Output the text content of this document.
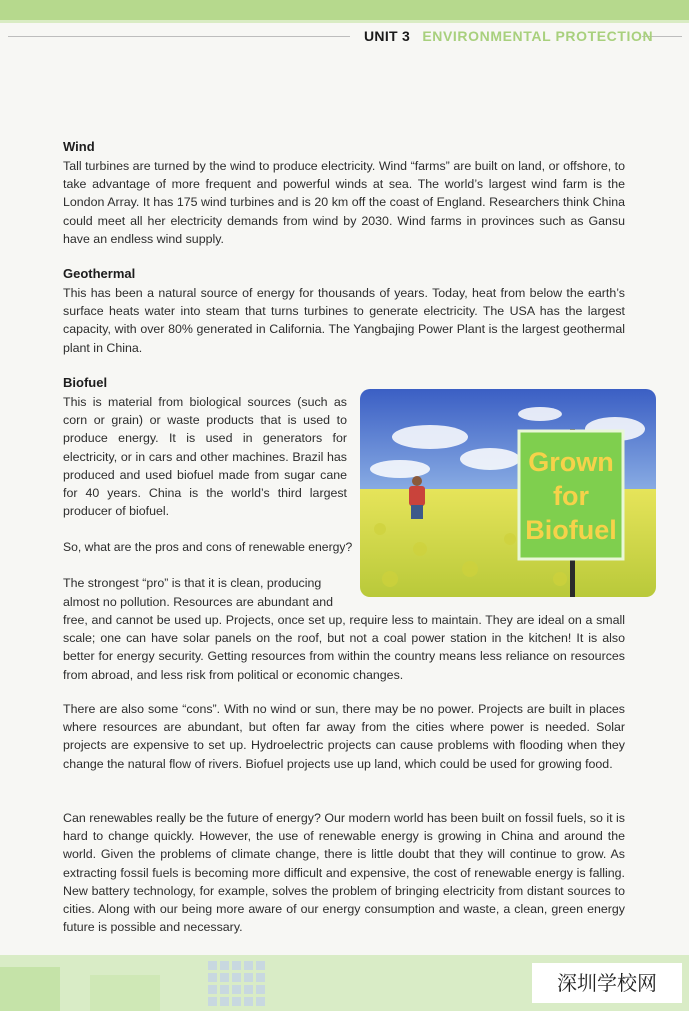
UNIT 3 ENVIRONMENTAL PROTECTION
Wind

Tall turbines are turned by the wind to produce electricity. Wind “farms” are built on land, or offshore, to take advantage of more frequent and powerful winds at sea. The world’s largest wind farm is the London Array. It has 175 wind turbines and is 20 km off the coast of England. Researchers think China could meet all her electricity demands from wind by 2030. Wind farms in provinces such as Gansu have an endless wind supply.

Geothermal

This has been a natural source of energy for thousands of years. Today, heat from below the earth’s surface heats water into steam that turns turbines to generate electricity. The USA has the largest capacity, with over 80% generated in California. The Yangbajing Power Plant is the largest geothermal plant in China.

Biofuel

This is material from biological sources (such as corn or grain) or waste products that is used to produce energy. It is used in generators for electricity, or in cars and other machines. Brazil has produced and used biofuel made from sugar cane for 40 years. China is the world’s third largest producer of biofuel.

So, what are the pros and cons of renewable energy?

The strongest “pro” is that it is clean, producing

almost no pollution. Resources are abundant and

free, and cannot be used up. Projects, once set up, require less to maintain. They are ideal on a small scale; one can have solar panels on the roof, but not a coal power station in the kitchen! It is also better for energy security. Getting resources from within the country means less reliance on resources from abroad, and less risk from political or economic changes.

There are also some “cons”. With no wind or sun, there may be no power. Projects are built in places where resources are abundant, but often far away from the cities where power is needed. Solar projects are expensive to set up. Hydroelectric projects can cause problems with flooding when they change the natural flow of rivers. Biofuel projects use up land, which could be used for growing food.

Can renewables really be the future of energy? Our modern world has been built on fossil fuels, so it is hard to change quickly. However, the use of renewable energy is growing in China and around the world. Given the problems of climate change, there is little doubt that they will continue to grow. As extracting fossil fuels is becoming more difficult and expensive, the cost of renewable energy is falling. New battery technology, for example, solves the problem of bringing electricity from distant sources to cities. Along with our being more aware of our energy consumption and waste, a clean, green energy future is possible and necessary.

Grown
for
Biofuel
深圳学校网
